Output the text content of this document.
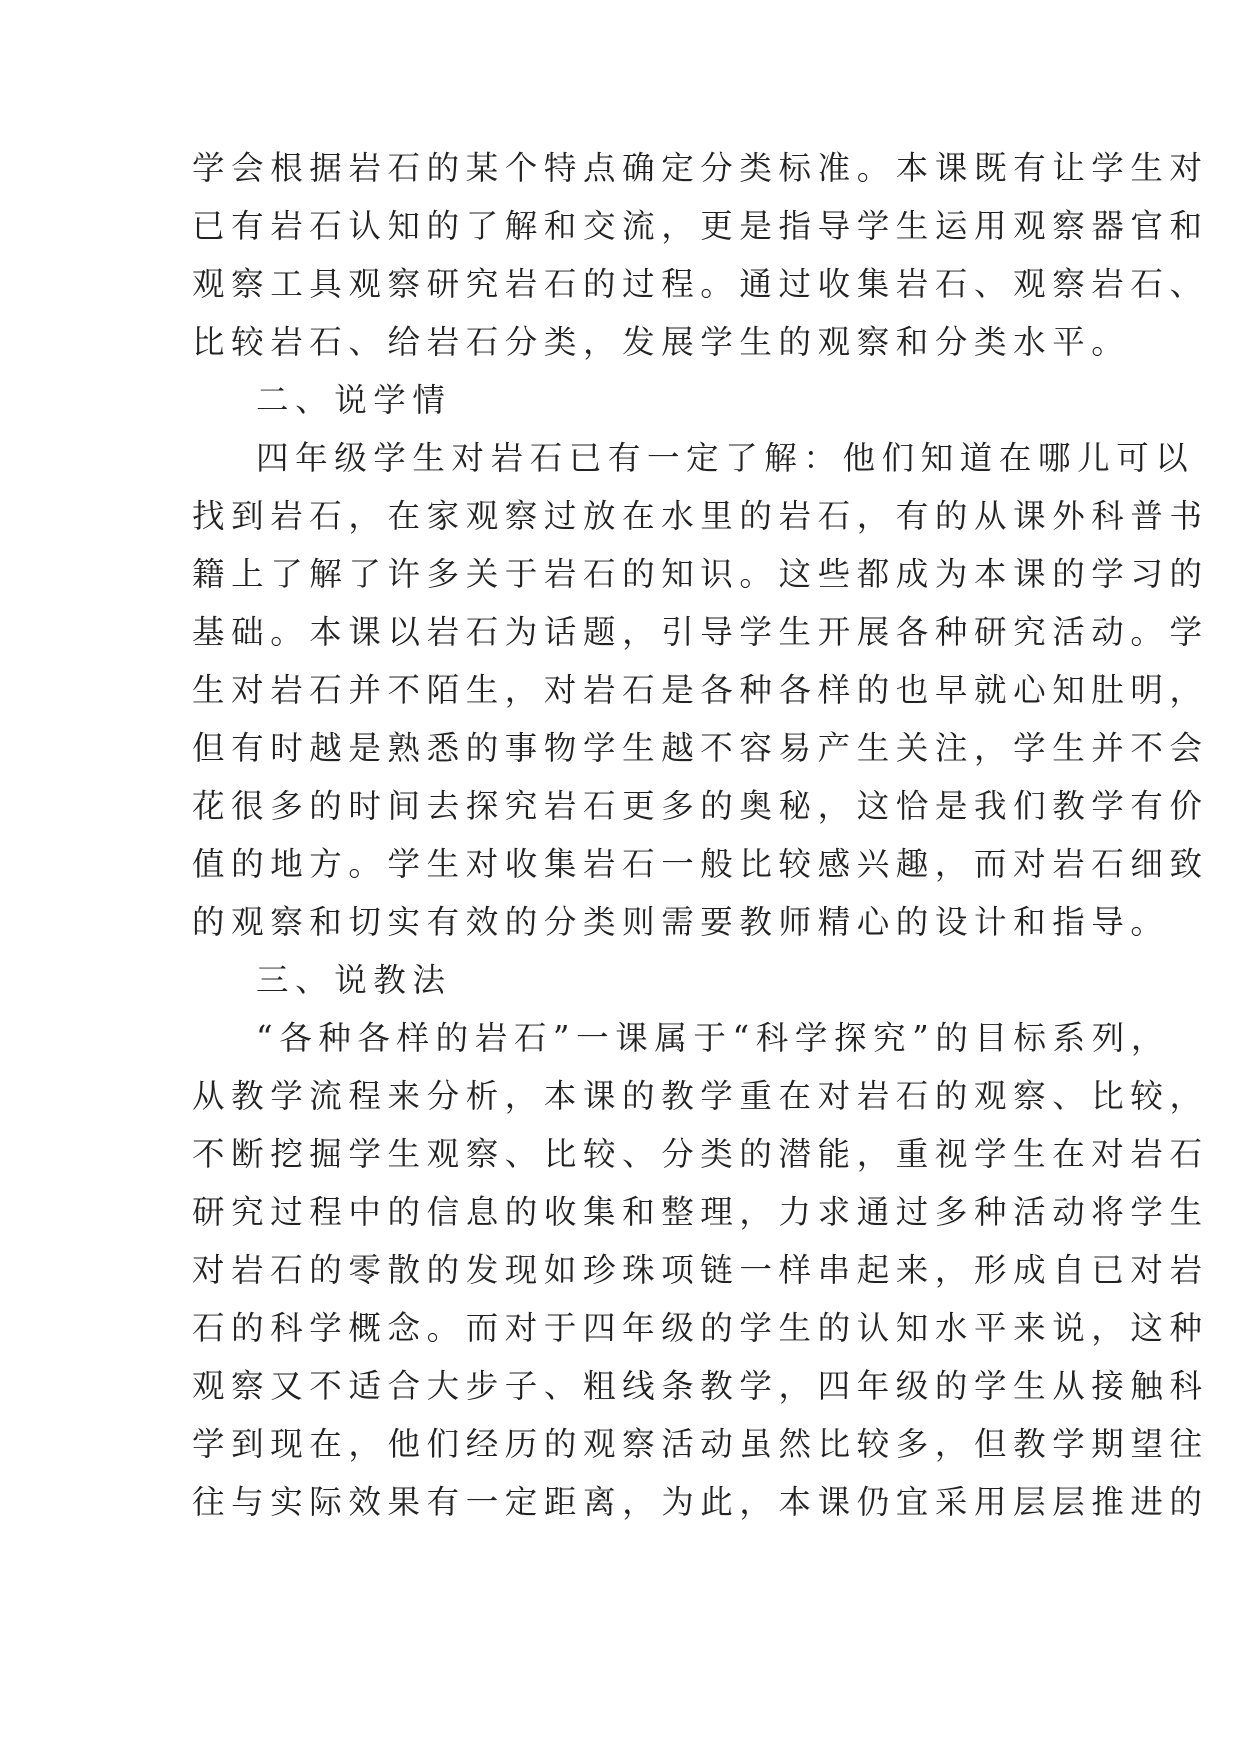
学会根据岩石的某个特点确定分类标准。本课既有让学生对
已有岩石认知的了解和交流，更是指导学生运用观察器官和
观察工具观察研究岩石的过程。通过收集岩石、观察岩石、
比较岩石、给岩石分类，发展学生的观察和分类水平。
二、说学情
四年级学生对岩石已有一定了解：他们知道在哪儿可以
找到岩石，在家观察过放在水里的岩石，有的从课外科普书
籍上了解了许多关于岩石的知识。这些都成为本课的学习的
基础。本课以岩石为话题，引导学生开展各种研究活动。学
生对岩石并不陌生，对岩石是各种各样的也早就心知肚明，
但有时越是熟悉的事物学生越不容易产生关注，学生并不会
花很多的时间去探究岩石更多的奥秘，这恰是我们教学有价
值的地方。学生对收集岩石一般比较感兴趣，而对岩石细致
的观察和切实有效的分类则需要教师精心的设计和指导。
三、说教法
“各种各样的岩石”一课属于“科学探究”的目标系列，
从教学流程来分析，本课的教学重在对岩石的观察、比较，
不断挖掘学生观察、比较、分类的潜能，重视学生在对岩石
研究过程中的信息的收集和整理，力求通过多种活动将学生
对岩石的零散的发现如珍珠项链一样串起来，形成自已对岩
石的科学概念。而对于四年级的学生的认知水平来说，这种
观察又不适合大步子、粗线条教学，四年级的学生从接触科
学到现在，他们经历的观察活动虽然比较多，但教学期望往
往与实际效果有一定距离，为此，本课仍宜采用层层推进的
